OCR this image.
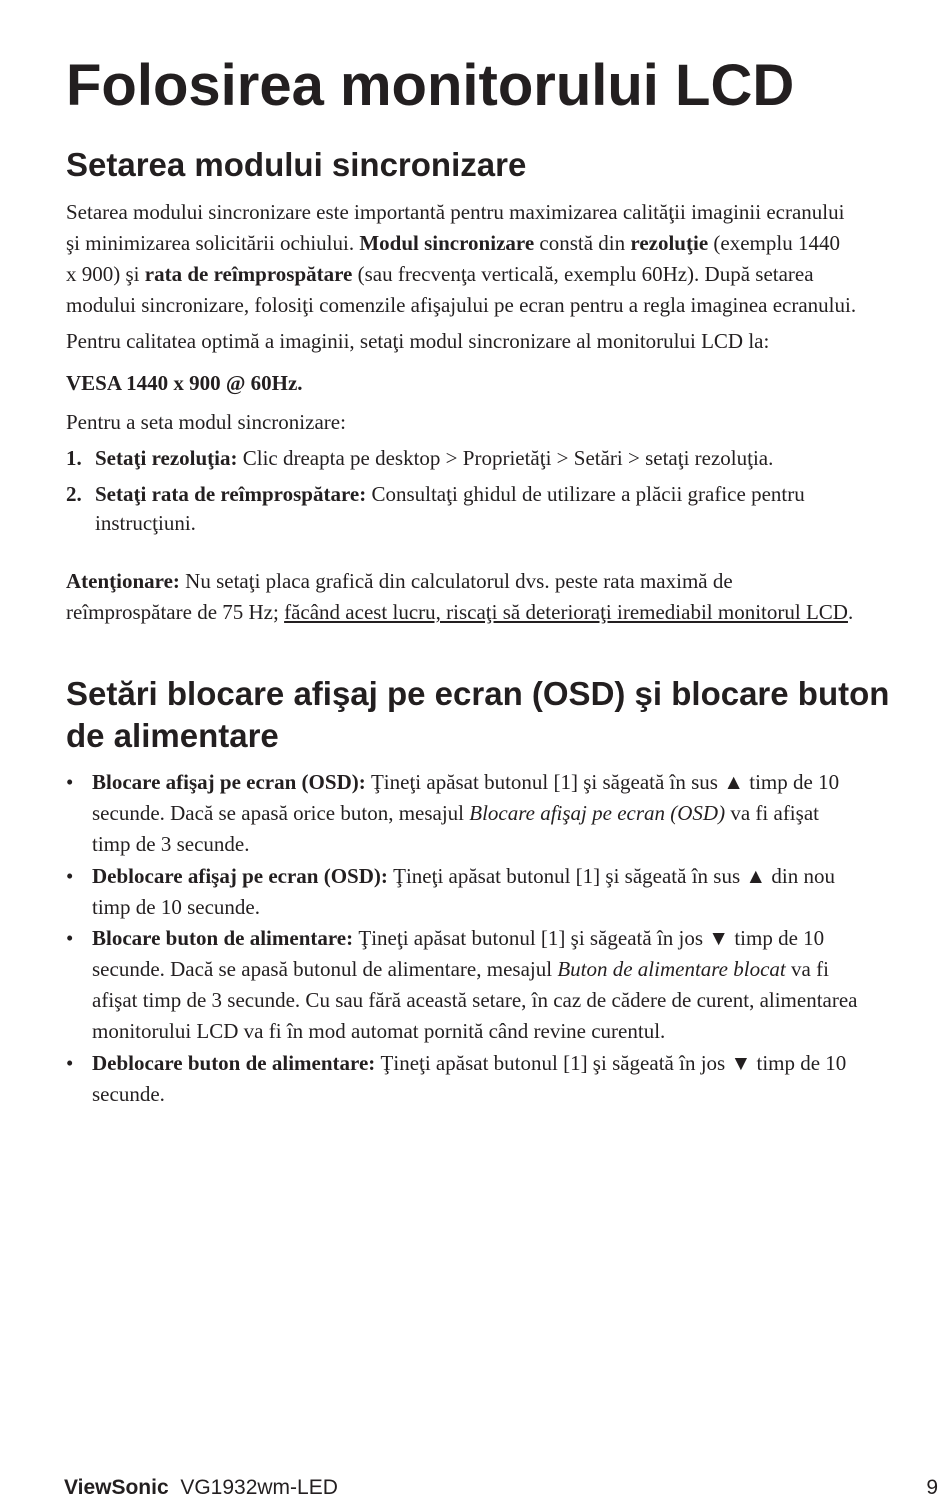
Folosirea monitorului LCD
Setarea modului sincronizare

Setarea modului sincronizare este importantă pentru maximizarea calităţii imaginii ecranului

şi minimizarea solicitării ochiului. Modul sincronizare constă din rezoluţie (exemplu 1440

x 900) şi rata de reîmprospătare (sau frecvenţa verticală, exemplu 60Hz). După setarea

modului sincronizare, folosiţi comenzile afişajului pe ecran pentru a regla imaginea ecranului.

Pentru calitatea optimă a imaginii, setaţi modul sincronizare al monitorului LCD la:

VESA 1440 x 900 @ 60Hz.

Pentru a seta modul sincronizare:

1. Setaţi rezoluţia: Clic dreapta pe desktop > Proprietăţi > Setări > setaţi rezoluţia.

2. Setaţi rata de reîmprospătare: Consultaţi ghidul de utilizare a plăcii grafice pentru

instrucţiuni.

Atenţionare: Nu setaţi placa grafică din calculatorul dvs. peste rata maximă de

reîmprospătare de 75 Hz; făcând acest lucru, riscaţi să deterioraţi iremediabil monitorul LCD.

Setări blocare afişaj pe ecran (OSD) şi blocare buton
de alimentare
• Blocare afişaj pe ecran (OSD): Ţineţi apăsat butonul [1] şi săgeată în sus ▲ timp de 10

secunde. Dacă se apasă orice buton, mesajul Blocare afişaj pe ecran (OSD) va fi afişat

timp de 3 secunde.

• Deblocare afişaj pe ecran (OSD): Ţineţi apăsat butonul [1] şi săgeată în sus ▲ din nou

timp de 10 secunde.

• Blocare buton de alimentare: Ţineţi apăsat butonul [1] şi săgeată în jos ▼ timp de 10

secunde. Dacă se apasă butonul de alimentare, mesajul Buton de alimentare blocat va fi

afişat timp de 3 secunde. Cu sau fără această setare, în caz de cădere de curent, alimentarea

monitorului LCD va fi în mod automat pornită când revine curentul.

• Deblocare buton de alimentare: Ţineţi apăsat butonul [1] şi săgeată în jos ▼ timp de 10

secunde.

ViewSonic VG1932wm-LED	9
